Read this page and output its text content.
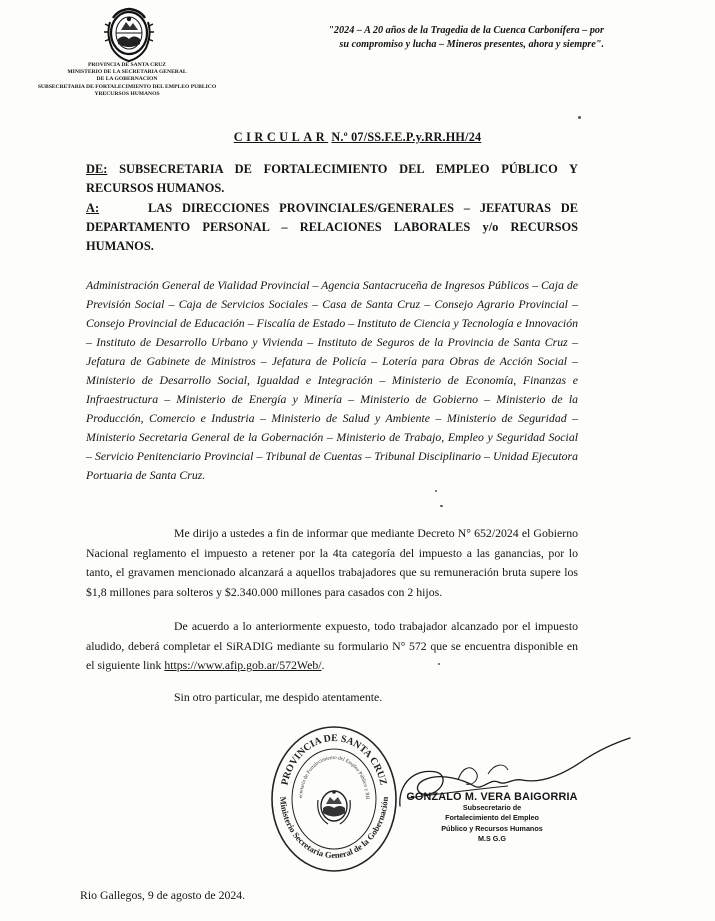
PROVINCIA DE SANTA CRUZ
MINISTERIO DE LA SECRETARIA GENERAL
DE LA GOBERNACION
SUBSECRETARIA DE FORTALECIMIENTO DEL EMPLEO PUBLICO
YRECURSOS HUMANOS
"2024 – A 20 años de la Tragedia de la Cuenca Carbonífera – por
su compromiso y lucha – Mineros presentes, ahora y siempre".
CIRCULAR N.º 07/SS.F.E.P.y.RR.HH/24
DE: SUBSECRETARIA DE FORTALECIMIENTO DEL EMPLEO PÚBLICO Y RECURSOS HUMANOS.
A:	LAS DIRECCIONES PROVINCIALES/GENERALES – JEFATURAS DE
DEPARTAMENTO PERSONAL – RELACIONES LABORALES y/o RECURSOS
HUMANOS.
Administración General de Vialidad Provincial – Agencia Santacruceña de Ingresos Públicos – Caja de Previsión Social – Caja de Servicios Sociales – Casa de Santa Cruz – Consejo Agrario Provincial – Consejo Provincial de Educación – Fiscalía de Estado – Instituto de Ciencia y Tecnología e Innovación – Instituto de Desarrollo Urbano y Vivienda – Instituto de Seguros de la Provincia de Santa Cruz – Jefatura de Gabinete de Ministros – Jefatura de Policía – Lotería para Obras de Acción Social – Ministerio de Desarrollo Social, Igualdad e Integración – Ministerio de Economía, Finanzas e Infraestructura – Ministerio de Energía y Minería – Ministerio de Gobierno – Ministerio de la Producción, Comercio e Industria – Ministerio de Salud y Ambiente – Ministerio de Seguridad – Ministerio Secretaria General de la Gobernación – Ministerio de Trabajo, Empleo y Seguridad Social – Servicio Penitenciario Provincial – Tribunal de Cuentas – Tribunal Disciplinario – Unidad Ejecutora Portuaria de Santa Cruz.
Me dirijo a ustedes a fin de informar que mediante Decreto N° 652/2024 el Gobierno Nacional reglamento el impuesto a retener por la 4ta categoría del impuesto a las ganancias, por lo tanto, el gravamen mencionado alcanzará a aquellos trabajadores que su remuneración bruta supere los $1,8 millones para solteros y $2.340.000 millones para casados con 2 hijos.
De acuerdo a lo anteriormente expuesto, todo trabajador alcanzado por el impuesto aludido, deberá completar el SiRADIG mediante su formulario N° 572 que se encuentra disponible en el siguiente link https://www.afip.gob.ar/572Web/.
Sin otro particular, me despido atentamente.
PROVINCIA DE SANTA CRUZ
Ministerio Secretaria General de la Gobernación
ecretaría de Fortalecimiento del Empleo Público y RR	GONZALO M. VERA BAIGORRIA
Subsecretario de
Fortalecimiento del Empleo
Público y Recursos Humanos
M.S G.G
Rio Gallegos, 9 de agosto de 2024.
